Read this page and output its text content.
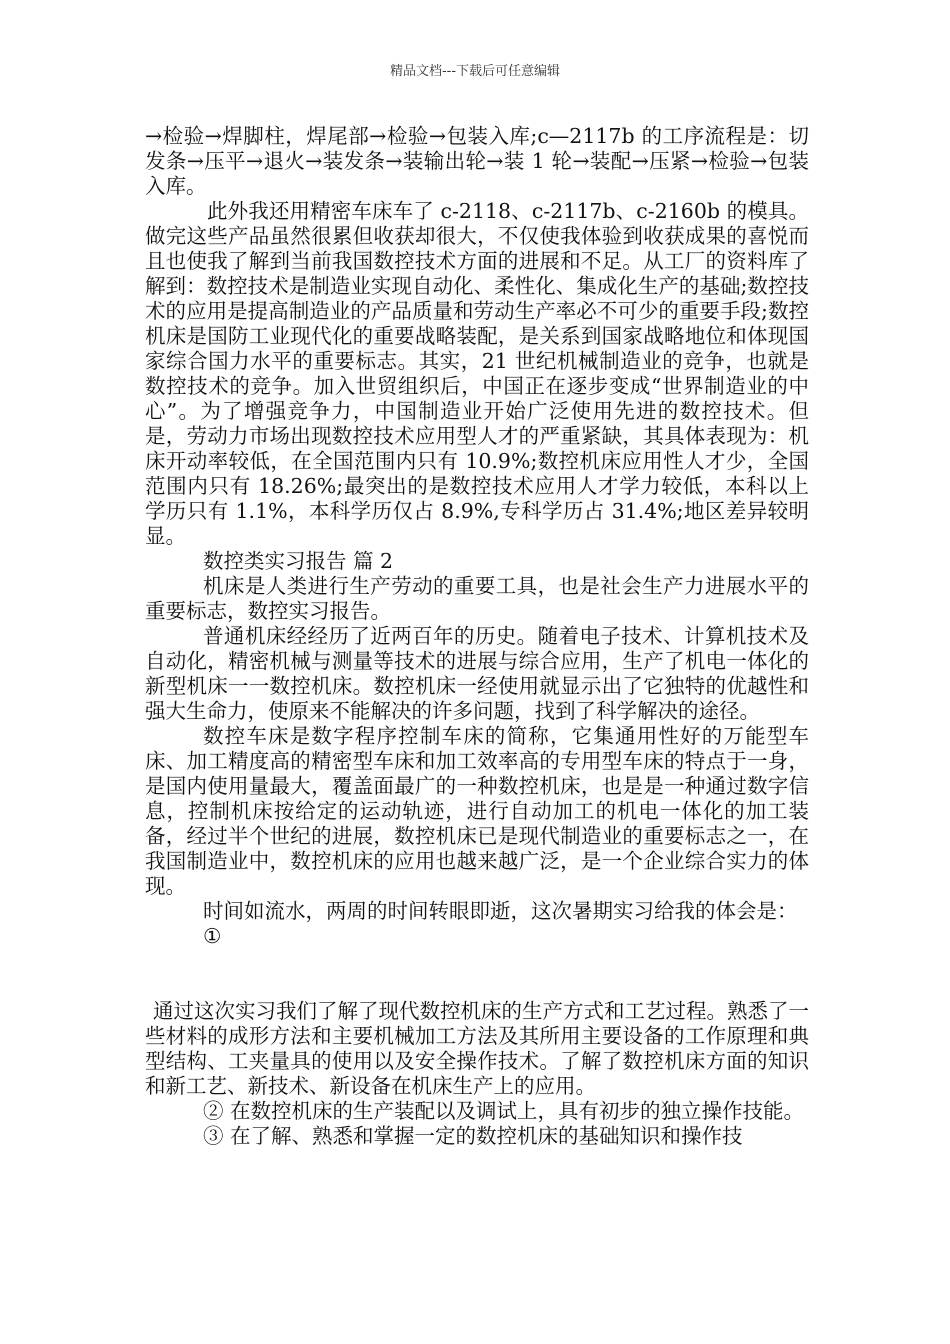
精品文档---下载后可任意编辑

→检验→焊脚柱，焊尾部→检验→包装入库;c—2117b 的工序流程是：切发条→压平→退火→装发条→装输出轮→装 1 轮→装配→压紧→检验→包装入库。

此外我还用精密车床车了 c-2118、c-2117b、c-2160b 的模具。做完这些产品虽然很累但收获却很大，不仅使我体验到收获成果的喜悦而且也使我了解到当前我国数控技术方面的进展和不足。从工厂的资料库了解到：数控技术是制造业实现自动化、柔性化、集成化生产的基础;数控技术的应用是提高制造业的产品质量和劳动生产率必不可少的重要手段;数控机床是国防工业现代化的重要战略装配，是关系到国家战略地位和体现国家综合国力水平的重要标志。其实，21 世纪机械制造业的竞争，也就是数控技术的竞争。加入世贸组织后，中国正在逐步变成“世界制造业的中心”。为了增强竞争力，中国制造业开始广泛使用先进的数控技术。但是，劳动力市场出现数控技术应用型人才的严重紧缺，其具体表现为：机床开动率较低，在全国范围内只有 10.9%;数控机床应用性人才少，全国范围内只有 18.26%;最突出的是数控技术应用人才学力较低，本科以上学历只有 1.1%，本科学历仅占 8.9%,专科学历占 31.4%;地区差异较明显。

数控类实习报告 篇 2

机床是人类进行生产劳动的重要工具，也是社会生产力进展水平的重要标志，数控实习报告。

普通机床经经历了近两百年的历史。随着电子技术、计算机技术及自动化，精密机械与测量等技术的进展与综合应用，生产了机电一体化的新型机床一一数控机床。数控机床一经使用就显示出了它独特的优越性和强大生命力，使原来不能解决的许多问题，找到了科学解决的途径。

数控车床是数字程序控制车床的简称，它集通用性好的万能型车床、加工精度高的精密型车床和加工效率高的专用型车床的特点于一身，是国内使用量最大，覆盖面最广的一种数控机床，也是是一种通过数字信息，控制机床按给定的运动轨迹，进行自动加工的机电一体化的加工装备，经过半个世纪的进展，数控机床已是现代制造业的重要标志之一，在我国制造业中，数控机床的应用也越来越广泛，是一个企业综合实力的体现。

时间如流水，两周的时间转眼即逝，这次暑期实习给我的体会是：

①

通过这次实习我们了解了现代数控机床的生产方式和工艺过程。熟悉了一些材料的成形方法和主要机械加工方法及其所用主要设备的工作原理和典型结构、工夹量具的使用以及安全操作技术。了解了数控机床方面的知识和新工艺、新技术、新设备在机床生产上的应用。

② 在数控机床的生产装配以及调试上，具有初步的独立操作技能。

③ 在了解、熟悉和掌握一定的数控机床的基础知识和操作技
